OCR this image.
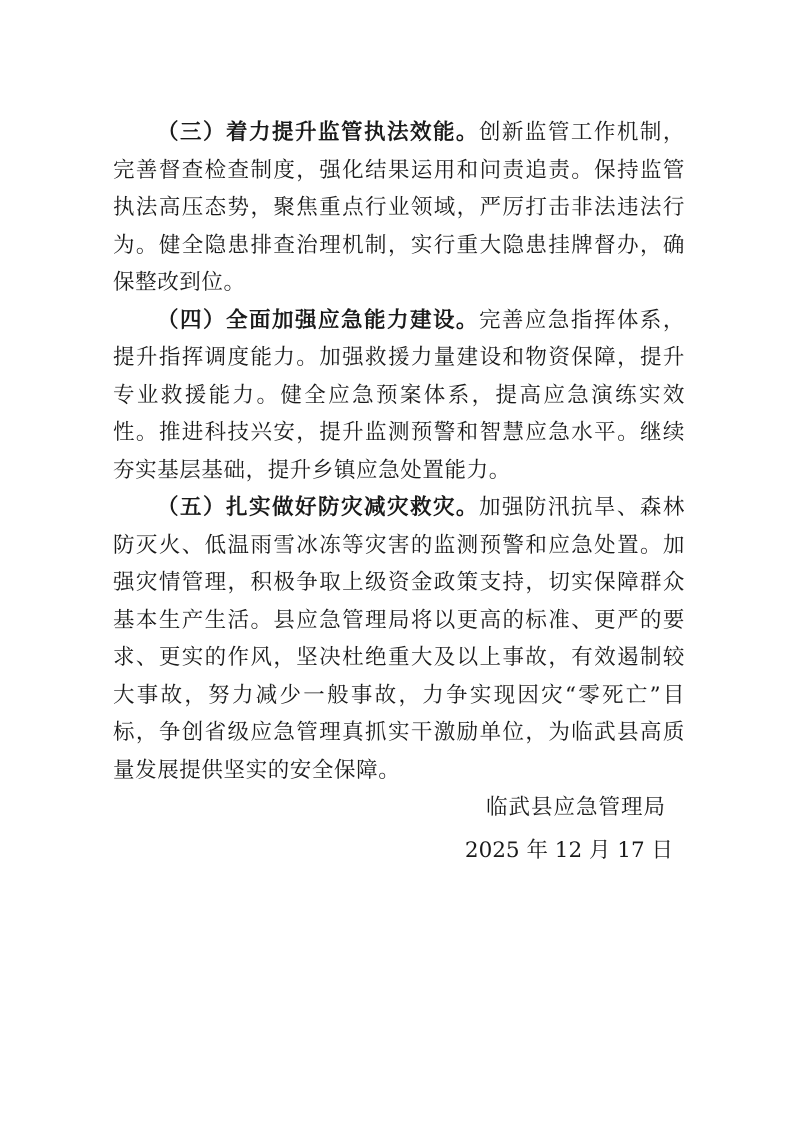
（三）着力提升监管执法效能。创新监管工作机制，完善督查检查制度，强化结果运用和问责追责。保持监管执法高压态势，聚焦重点行业领域，严厉打击非法违法行为。健全隐患排查治理机制，实行重大隐患挂牌督办，确保整改到位。

（四）全面加强应急能力建设。完善应急指挥体系，提升指挥调度能力。加强救援力量建设和物资保障，提升专业救援能力。健全应急预案体系，提高应急演练实效性。推进科技兴安，提升监测预警和智慧应急水平。继续夯实基层基础，提升乡镇应急处置能力。

（五）扎实做好防灾减灾救灾。加强防汛抗旱、森林防灭火、低温雨雪冰冻等灾害的监测预警和应急处置。加强灾情管理，积极争取上级资金政策支持，切实保障群众基本生产生活。县应急管理局将以更高的标准、更严的要求、更实的作风，坚决杜绝重大及以上事故，有效遏制较大事故，努力减少一般事故，力争实现因灾“零死亡”目标，争创省级应急管理真抓实干激励单位，为临武县高质量发展提供坚实的安全保障。

临武县应急管理局
2025 年 12 月 17 日
